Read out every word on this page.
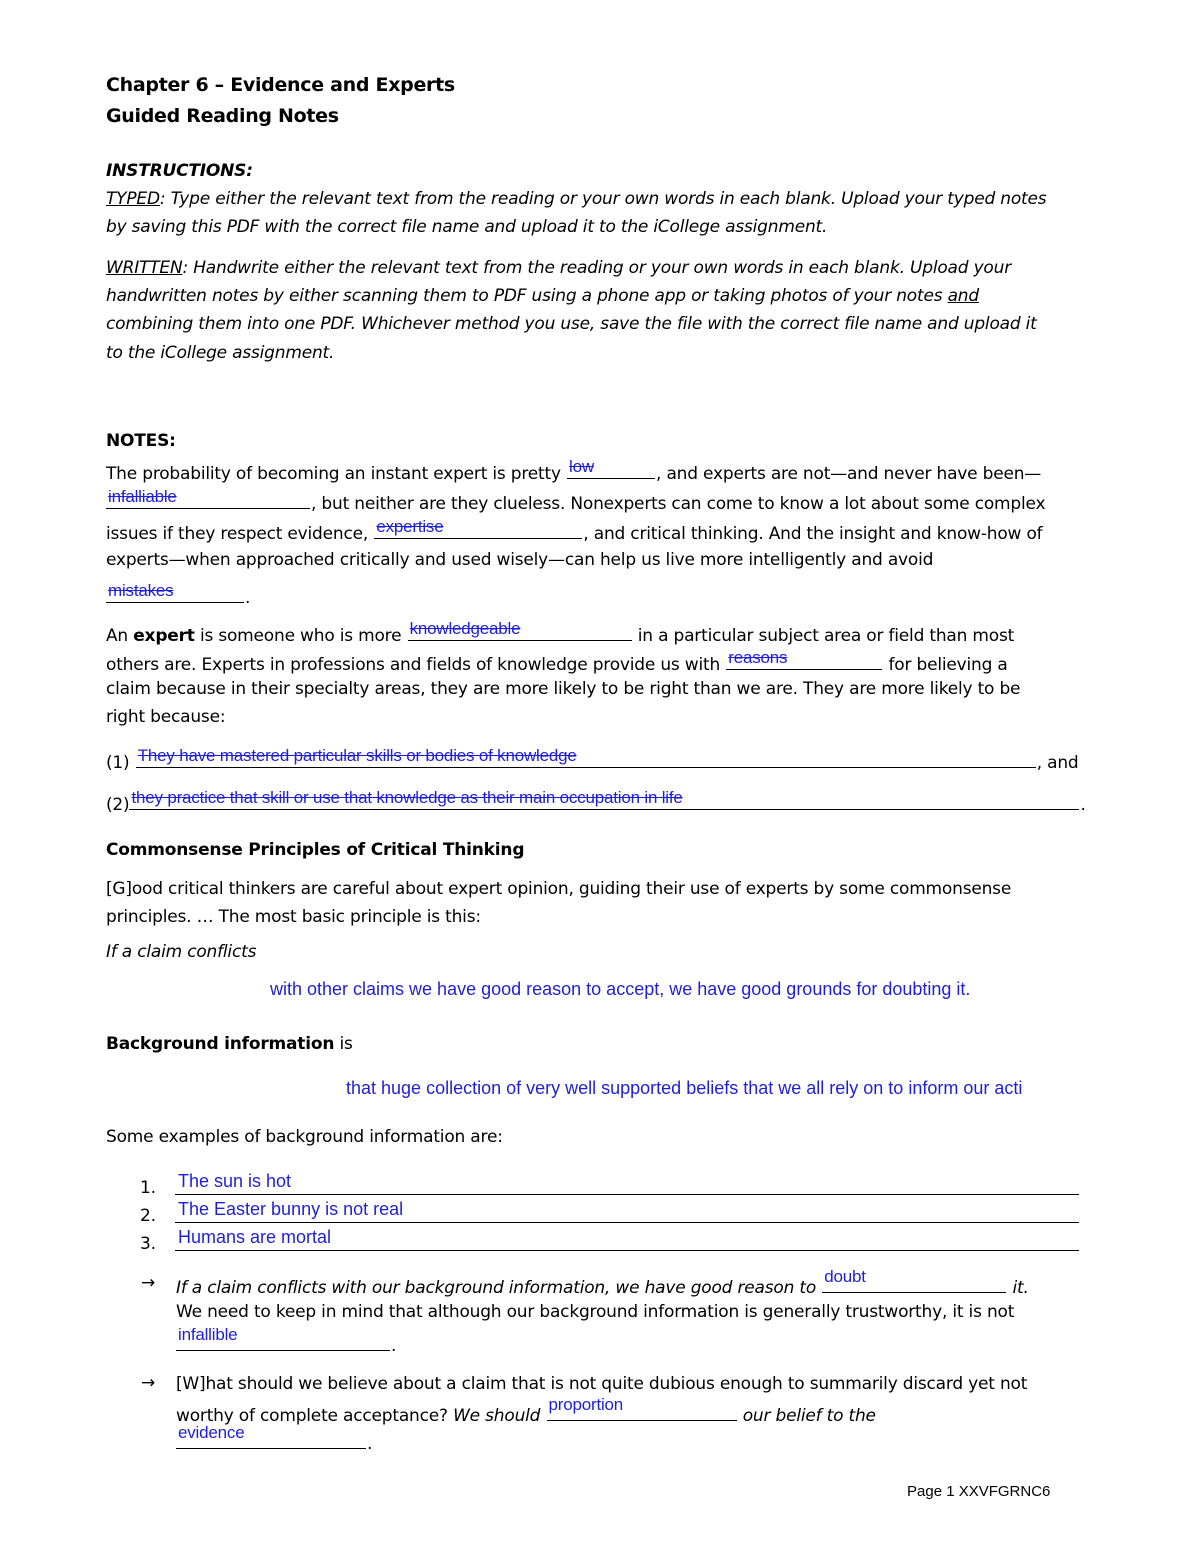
Chapter 6 – Evidence and Experts
Guided Reading Notes
INSTRUCTIONS:
TYPED: Type either the relevant text from the reading or your own words in each blank. Upload your typed notes
by saving this PDF with the correct file name and upload it to the iCollege assignment.
WRITTEN: Handwrite either the relevant text from the reading or your own words in each blank. Upload your
handwritten notes by either scanning them to PDF using a phone app or taking photos of your notes and
combining them into one PDF. Whichever method you use, save the file with the correct file name and upload it
to the iCollege assignment.
NOTES:
The probability of becoming an instant expert is pretty low	, and experts are not—and never have been—
infalliable	, but neither are they clueless. Nonexperts can come to know a lot about some complex
issues if they respect evidence, expertise	, and critical thinking. And the insight and know-how of
experts—when approached critically and used wisely—can help us live more intelligently and avoid
mistakes	.
An expert is someone who is more knowledgeable	in a particular subject area or field than most
others are. Experts in professions and fields of knowledge provide us with reasons	for believing a
claim because in their specialty areas, they are more likely to be right than we are. They are more likely to be
right because:
(1) They have mastered particular skills or bodies of knowledge	, and
(2) they practice that skill or use that knowledge as their main occupation in life	.
Commonsense Principles of Critical Thinking
[G]ood critical thinkers are careful about expert opinion, guiding their use of experts by some commonsense
principles. … The most basic principle is this:
If a claim conflicts
with other claims we have good reason to accept, we have good grounds for doubting it.
Background information is
that huge collection of very well supported beliefs that we all rely on to inform our acti
Some examples of background information are:
1. The sun is hot
2. The Easter bunny is not real
3. Humans are mortal
→ If a claim conflicts with our background information, we have good reason to
doubt
it.
We need to keep in mind that although our background information is generally trustworthy, it is not
infallible
.
→ [W]hat should we believe about a claim that is not quite dubious enough to summarily discard yet not
worthy of complete acceptance? We should
proportion
our belief to the
evidence
.
Page 1 XXVFGRNC6
